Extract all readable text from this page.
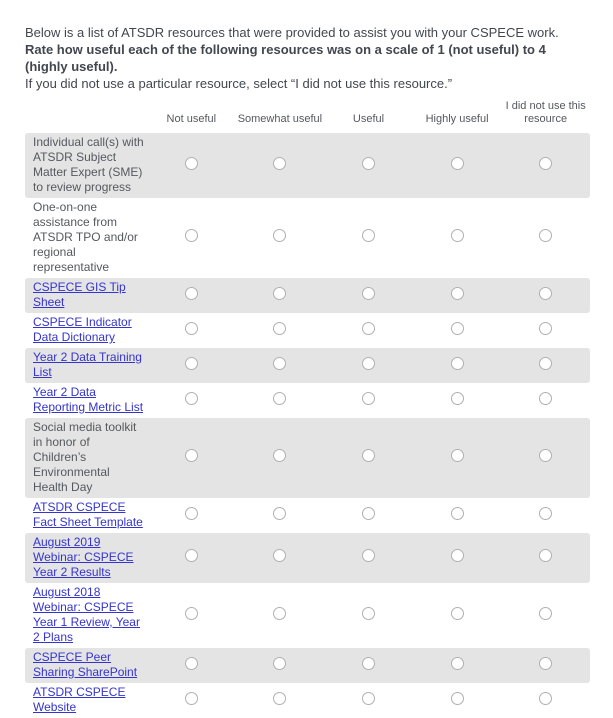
Below is a list of ATSDR resources that were provided to assist you with your CSPECE work.
Rate how useful each of the following resources was on a scale of 1 (not useful) to 4 (highly useful).
If you did not use a particular resource, select “I did not use this resource.”
	Not useful	Somewhat useful	Useful	Highly useful	I did not use this resource
Individual call(s) with ATSDR Subject Matter Expert (SME) to review progress					
One-on-one assistance from ATSDR TPO and/or regional representative					
CSPECE GIS Tip Sheet					
CSPECE Indicator Data Dictionary					
Year 2 Data Training List					
Year 2 Data Reporting Metric List					
Social media toolkit in honor of Children’s Environmental Health Day					
ATSDR CSPECE Fact Sheet Template					
August 2019 Webinar: CSPECE Year 2 Results					
August 2018 Webinar: CSPECE Year 1 Review, Year 2 Plans					
CSPECE Peer Sharing SharePoint					
ATSDR CSPECE Website					
